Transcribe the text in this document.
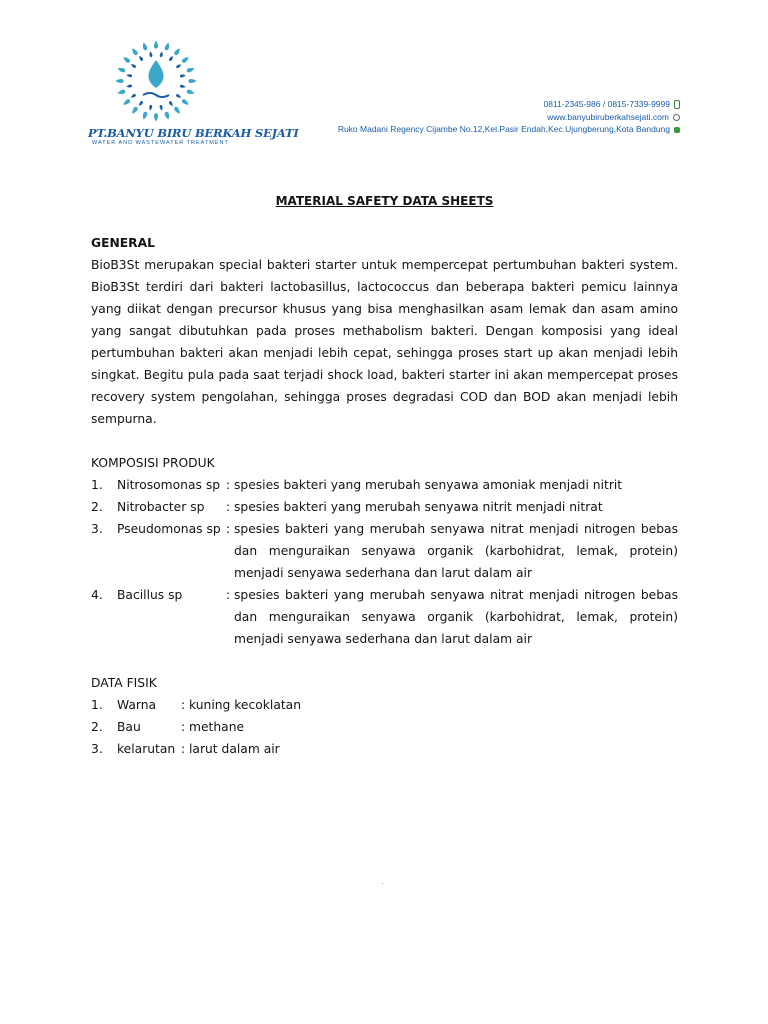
PT.BANYU BIRU BERKAH SEJATI
WATER AND WASTEWATER TREATMENT
0811-2345-986 / 0815-7339-9999
www.banyubiruberkahsejati.com
Ruko Madani Regency Cijambe No.12,Kel.Pasir Endah,Kec.Ujungberung,Kota Bandung
MATERIAL SAFETY DATA SHEETS
GENERAL

BioB3St merupakan special bakteri starter untuk mempercepat pertumbuhan bakteri system. BioB3St terdiri dari bakteri lactobasillus, lactococcus dan beberapa bakteri pemicu lainnya yang diikat dengan precursor khusus yang bisa menghasilkan asam lemak dan asam amino yang sangat dibutuhkan pada proses methabolism bakteri. Dengan komposisi yang ideal pertumbuhan bakteri akan menjadi lebih cepat, sehingga proses start up akan menjadi lebih singkat. Begitu pula pada saat terjadi shock load, bakteri starter ini akan mempercepat proses recovery system pengolahan, sehingga proses degradasi COD dan BOD akan menjadi lebih sempurna.

KOMPOSISI PRODUK
1.	Nitrosomonas sp : spesies bakteri yang merubah senyawa amoniak menjadi nitrit
2.	Nitrobacter sp	: spesies bakteri yang merubah senyawa nitrit menjadi nitrat
3.	Pseudomonas sp : spesies bakteri yang merubah senyawa nitrat menjadi nitrogen bebas dan menguraikan senyawa organik (karbohidrat, lemak, protein) menjadi senyawa sederhana dan larut dalam air
4.	Bacillus sp	: spesies bakteri yang merubah senyawa nitrat menjadi nitrogen bebas dan menguraikan senyawa organik (karbohidrat, lemak, protein) menjadi senyawa sederhana dan larut dalam air
DATA FISIK
1.	Warna	: kuning kecoklatan
2.	Bau	: methane
3.	kelarutan : larut dalam air
